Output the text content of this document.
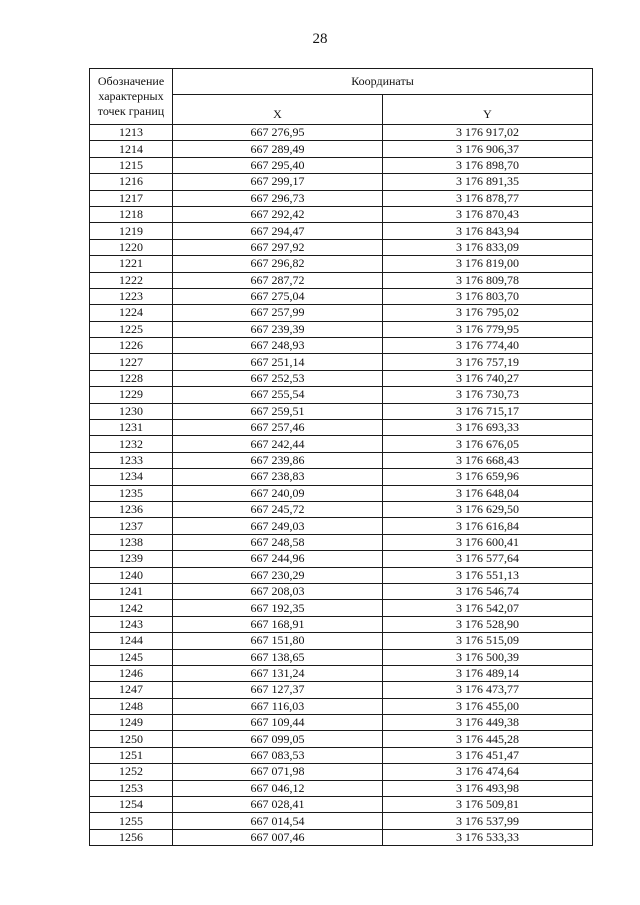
28
Обозначение характерных точек границ	Координаты	
	X	Y
1213	667 276,95	3 176 917,02
1214	667 289,49	3 176 906,37
1215	667 295,40	3 176 898,70
1216	667 299,17	3 176 891,35
1217	667 296,73	3 176 878,77
1218	667 292,42	3 176 870,43
1219	667 294,47	3 176 843,94
1220	667 297,92	3 176 833,09
1221	667 296,82	3 176 819,00
1222	667 287,72	3 176 809,78
1223	667 275,04	3 176 803,70
1224	667 257,99	3 176 795,02
1225	667 239,39	3 176 779,95
1226	667 248,93	3 176 774,40
1227	667 251,14	3 176 757,19
1228	667 252,53	3 176 740,27
1229	667 255,54	3 176 730,73
1230	667 259,51	3 176 715,17
1231	667 257,46	3 176 693,33
1232	667 242,44	3 176 676,05
1233	667 239,86	3 176 668,43
1234	667 238,83	3 176 659,96
1235	667 240,09	3 176 648,04
1236	667 245,72	3 176 629,50
1237	667 249,03	3 176 616,84
1238	667 248,58	3 176 600,41
1239	667 244,96	3 176 577,64
1240	667 230,29	3 176 551,13
1241	667 208,03	3 176 546,74
1242	667 192,35	3 176 542,07
1243	667 168,91	3 176 528,90
1244	667 151,80	3 176 515,09
1245	667 138,65	3 176 500,39
1246	667 131,24	3 176 489,14
1247	667 127,37	3 176 473,77
1248	667 116,03	3 176 455,00
1249	667 109,44	3 176 449,38
1250	667 099,05	3 176 445,28
1251	667 083,53	3 176 451,47
1252	667 071,98	3 176 474,64
1253	667 046,12	3 176 493,98
1254	667 028,41	3 176 509,81
1255	667 014,54	3 176 537,99
1256	667 007,46	3 176 533,33
